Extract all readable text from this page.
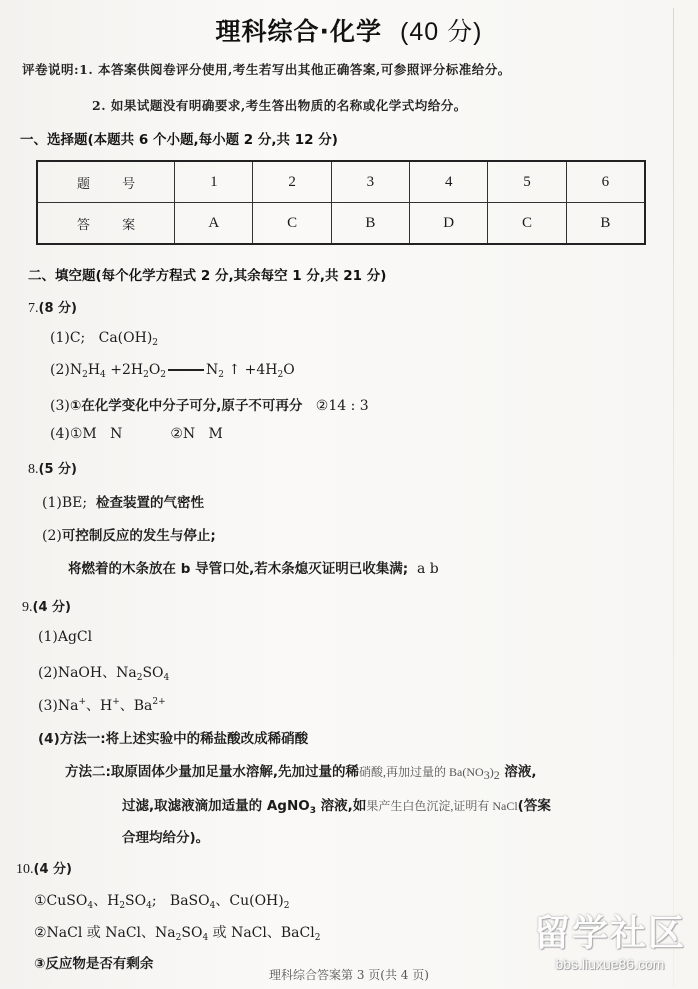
理科综合·化学 (40 分)
评卷说明:1. 本答案供阅卷评分使用,考生若写出其他正确答案,可参照评分标准给分。
2. 如果试题没有明确要求,考生答出物质的名称或化学式均给分。
一、选择题(本题共 6 个小题,每小题 2 分,共 12 分)
题 号	1	2	3	4	5	6
答 案	A	C	B	D	C	B
二、填空题(每个化学方程式 2 分,其余每空 1 分,共 21 分)
7.(8 分)
(1)C; $Ca(OH)_2$
$(2)N_2H_4 +2H_2O_2$	$N_2$ ↑ $+4H_2O$
(3)①在化学变化中分子可分,原子不可再分 ②14 : 3
(4)①M   N	②N   M
8.(5 分)
(1)BE; 检查装置的气密性
(2)可控制反应的发生与停止;
将燃着的木条放在 b 导管口处,若木条熄灭证明已收集满; a b
9.(4 分)
(1)AgCl
(2)NaOH、$Na_2SO_4$
(3)Na+、H+、$Ba^{2+}$
(4)方法一:将上述实验中的稀盐酸改成稀硝酸
方法二:取原固体少量加足量水溶解,先加过量的稀硝酸,再加过量的 $Ba(NO_3)_2$ 溶液,
过滤,取滤液滴加适量的 AgNO$_3$ 溶液,如果产生白色沉淀,证明有 NaCl(答案
合理均给分)。
10.(4 分)
①CuSO$_4$、$H_2SO_4$;   BaSO$_4$、$Cu(OH)_2$
②NaCl 或 NaCl、$Na_2SO_4$ 或 NaCl、BaCl$_2$
③反应物是否有剩余
理科综合答案第 3 页(共 4 页)
留学社区
bbs.liuxue86.com
